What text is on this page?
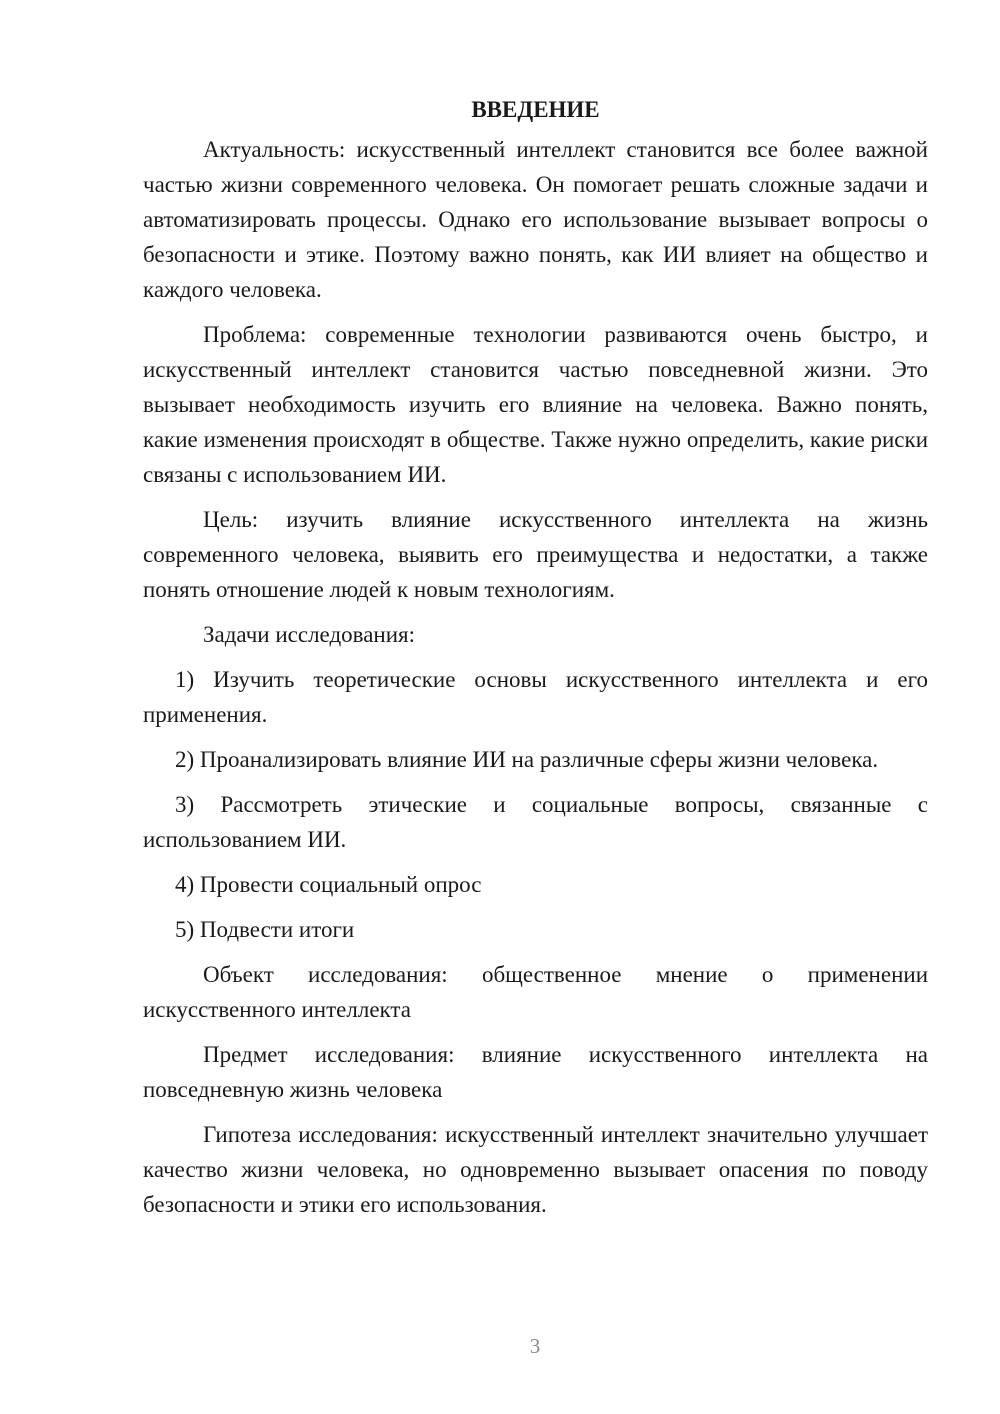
ВВЕДЕНИЕ

Актуальность: искусственный интеллект становится все более важной частью жизни современного человека. Он помогает решать сложные задачи и автоматизировать процессы. Однако его использование вызывает вопросы о безопасности и этике. Поэтому важно понять, как ИИ влияет на общество и каждого человека.

Проблема: современные технологии развиваются очень быстро, и искусственный интеллект становится частью повседневной жизни. Это вызывает необходимость изучить его влияние на человека. Важно понять, какие изменения происходят в обществе. Также нужно определить, какие риски связаны с использованием ИИ.

Цель: изучить влияние искусственного интеллекта на жизнь современного человека, выявить его преимущества и недостатки, а также понять отношение людей к новым технологиям.

Задачи исследования:

1) Изучить теоретические основы искусственного интеллекта и его применения.

2) Проанализировать влияние ИИ на различные сферы жизни человека.

3) Рассмотреть этические и социальные вопросы, связанные с использованием ИИ.

4) Провести социальный опрос

5) Подвести итоги

Объект исследования: общественное мнение о применении искусственного интеллекта

Предмет исследования: влияние искусственного интеллекта на повседневную жизнь человека

Гипотеза исследования: искусственный интеллект значительно улучшает качество жизни человека, но одновременно вызывает опасения по поводу безопасности и этики его использования.

3
